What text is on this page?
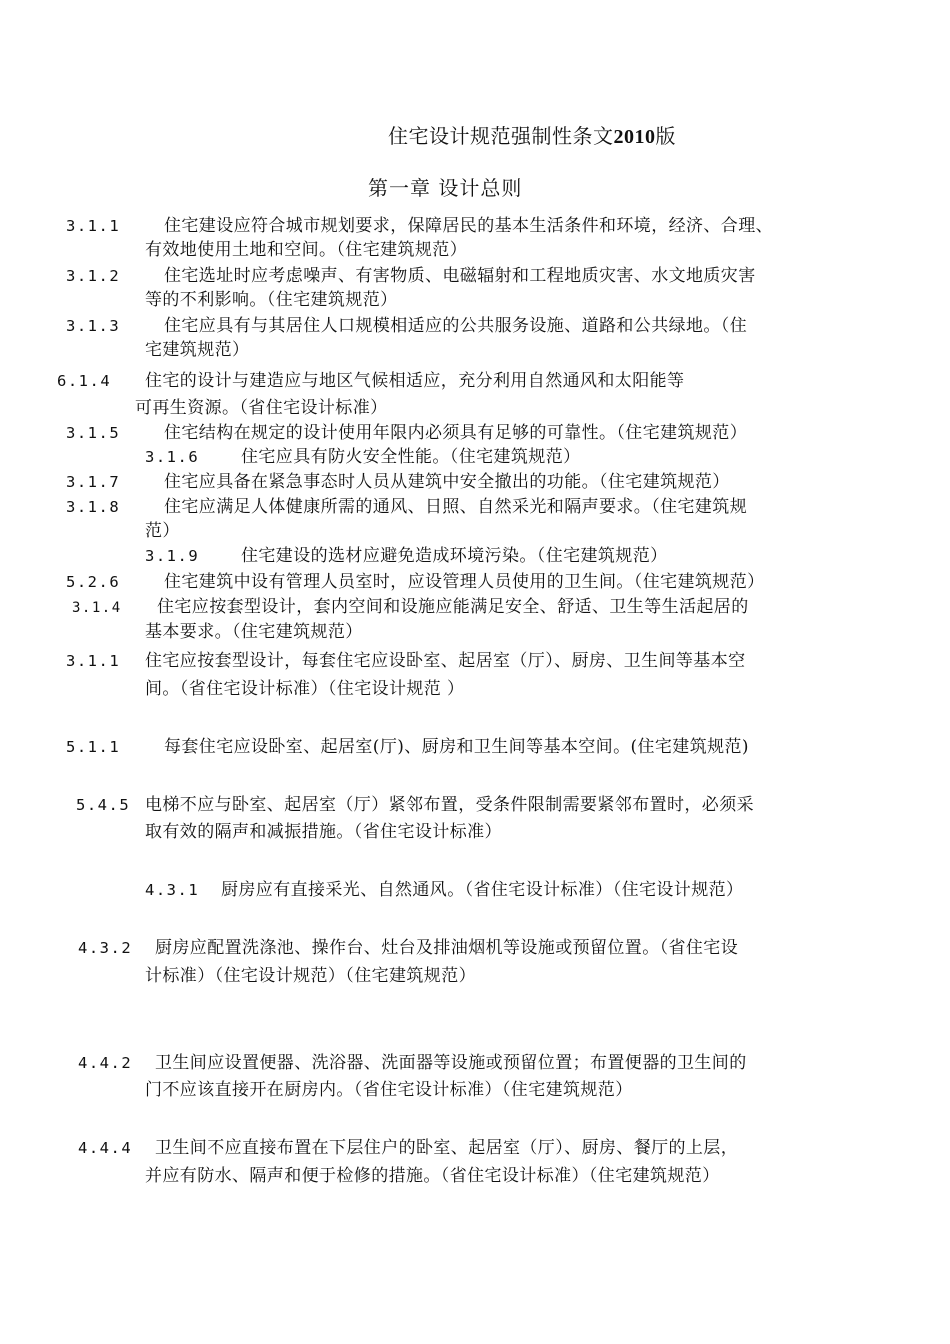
住宅设计规范强制性条文2010版
第一章 设计总则
3.1.1	住宅建设应符合城市规划要求，保障居民的基本生活条件和环境，经济、合理、
有效地使用土地和空间。（住宅建筑规范）
3.1.2	住宅选址时应考虑噪声、有害物质、电磁辐射和工程地质灾害、水文地质灾害
等的不利影响。（住宅建筑规范）
3.1.3	住宅应具有与其居住人口规模相适应的公共服务设施、道路和公共绿地。（住
宅建筑规范）
6.1.4 住宅的设计与建造应与地区气候相适应，充分利用自然通风和太阳能等
可再生资源。（省住宅设计标准）
3.1.5	住宅结构在规定的设计使用年限内必须具有足够的可靠性。（住宅建筑规范）
3.1.6 住宅应具有防火安全性能。（住宅建筑规范）
3.1.7	住宅应具备在紧急事态时人员从建筑中安全撤出的功能。（住宅建筑规范）
3.1.8	住宅应满足人体健康所需的通风、日照、自然采光和隔声要求。（住宅建筑规
范）
3.1.9 住宅建设的选材应避免造成环境污染。（住宅建筑规范）
5.2.6	住宅建筑中设有管理人员室时，应设管理人员使用的卫生间。（住宅建筑规范）
3.1.4 住宅应按套型设计，套内空间和设施应能满足安全、舒适、卫生等生活起居的
基本要求。（住宅建筑规范）
3.1.1 住宅应按套型设计，每套住宅应设卧室、起居室（厅）、厨房、卫生间等基本空
间。（省住宅设计标准）（住宅设计规范 ）
5.1.1	每套住宅应设卧室、起居室(厅)、厨房和卫生间等基本空间。(住宅建筑规范)
5.4.5 电梯不应与卧室、起居室（厅）紧邻布置，受条件限制需要紧邻布置时，必须采
取有效的隔声和减振措施。（省住宅设计标准）
4.3.1 厨房应有直接采光、自然通风。（省住宅设计标准）（住宅设计规范）
4.3.2 厨房应配置洗涤池、操作台、灶台及排油烟机等设施或预留位置。（省住宅设
计标准）（住宅设计规范）（住宅建筑规范）
4.4.2 卫生间应设置便器、洗浴器、洗面器等设施或预留位置；布置便器的卫生间的
门不应该直接开在厨房内。（省住宅设计标准）（住宅建筑规范）
4.4.4 卫生间不应直接布置在下层住户的卧室、起居室（厅）、厨房、餐厅的上层，
并应有防水、隔声和便于检修的措施。（省住宅设计标准）（住宅建筑规范）
